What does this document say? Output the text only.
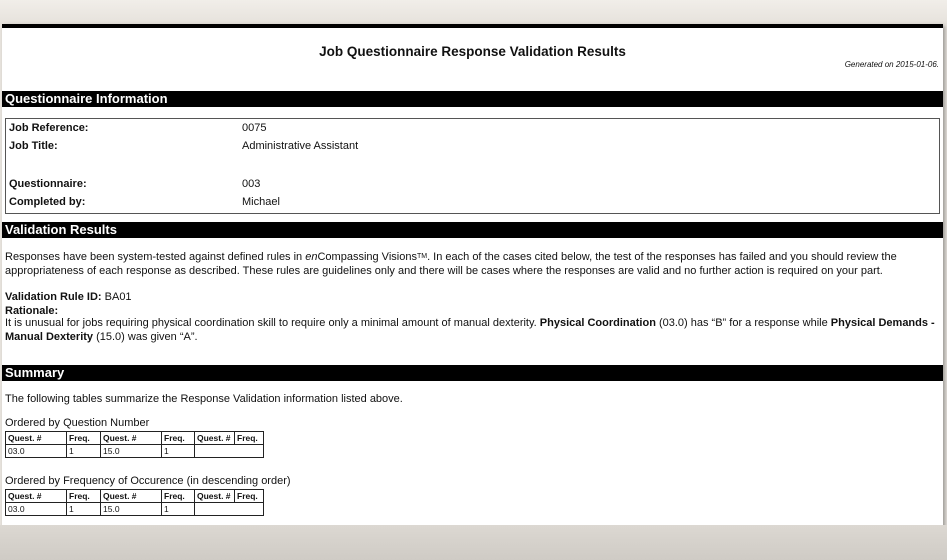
Job Questionnaire Response Validation Results
Generated on 2015-01-06.
Questionnaire Information
Job Reference:	0075
Job Title:	Administrative Assistant
Questionnaire:	003
Completed by:	Michael
Validation Results
Responses have been system-tested against defined rules in enCompassing Visions™. In each of the cases cited below, the test of the responses has failed and you should review the appropriateness of each response as described. These rules are guidelines only and there will be cases where the responses are valid and no further action is required on your part.
Validation Rule ID: BA01
Rationale:
It is unusual for jobs requiring physical coordination skill to require only a minimal amount of manual dexterity. Physical Coordination (03.0) has “B” for a response while Physical Demands - Manual Dexterity (15.0) was given “A”.
Summary
The following tables summarize the Response Validation information listed above.
Ordered by Question Number
Quest. #	Freq.	Quest. #	Freq.	Quest. #	Freq.
03.0	1	15.0	1		
Ordered by Frequency of Occurence (in descending order)
Quest. #	Freq.	Quest. #	Freq.	Quest. #	Freq.
03.0	1	15.0	1		
